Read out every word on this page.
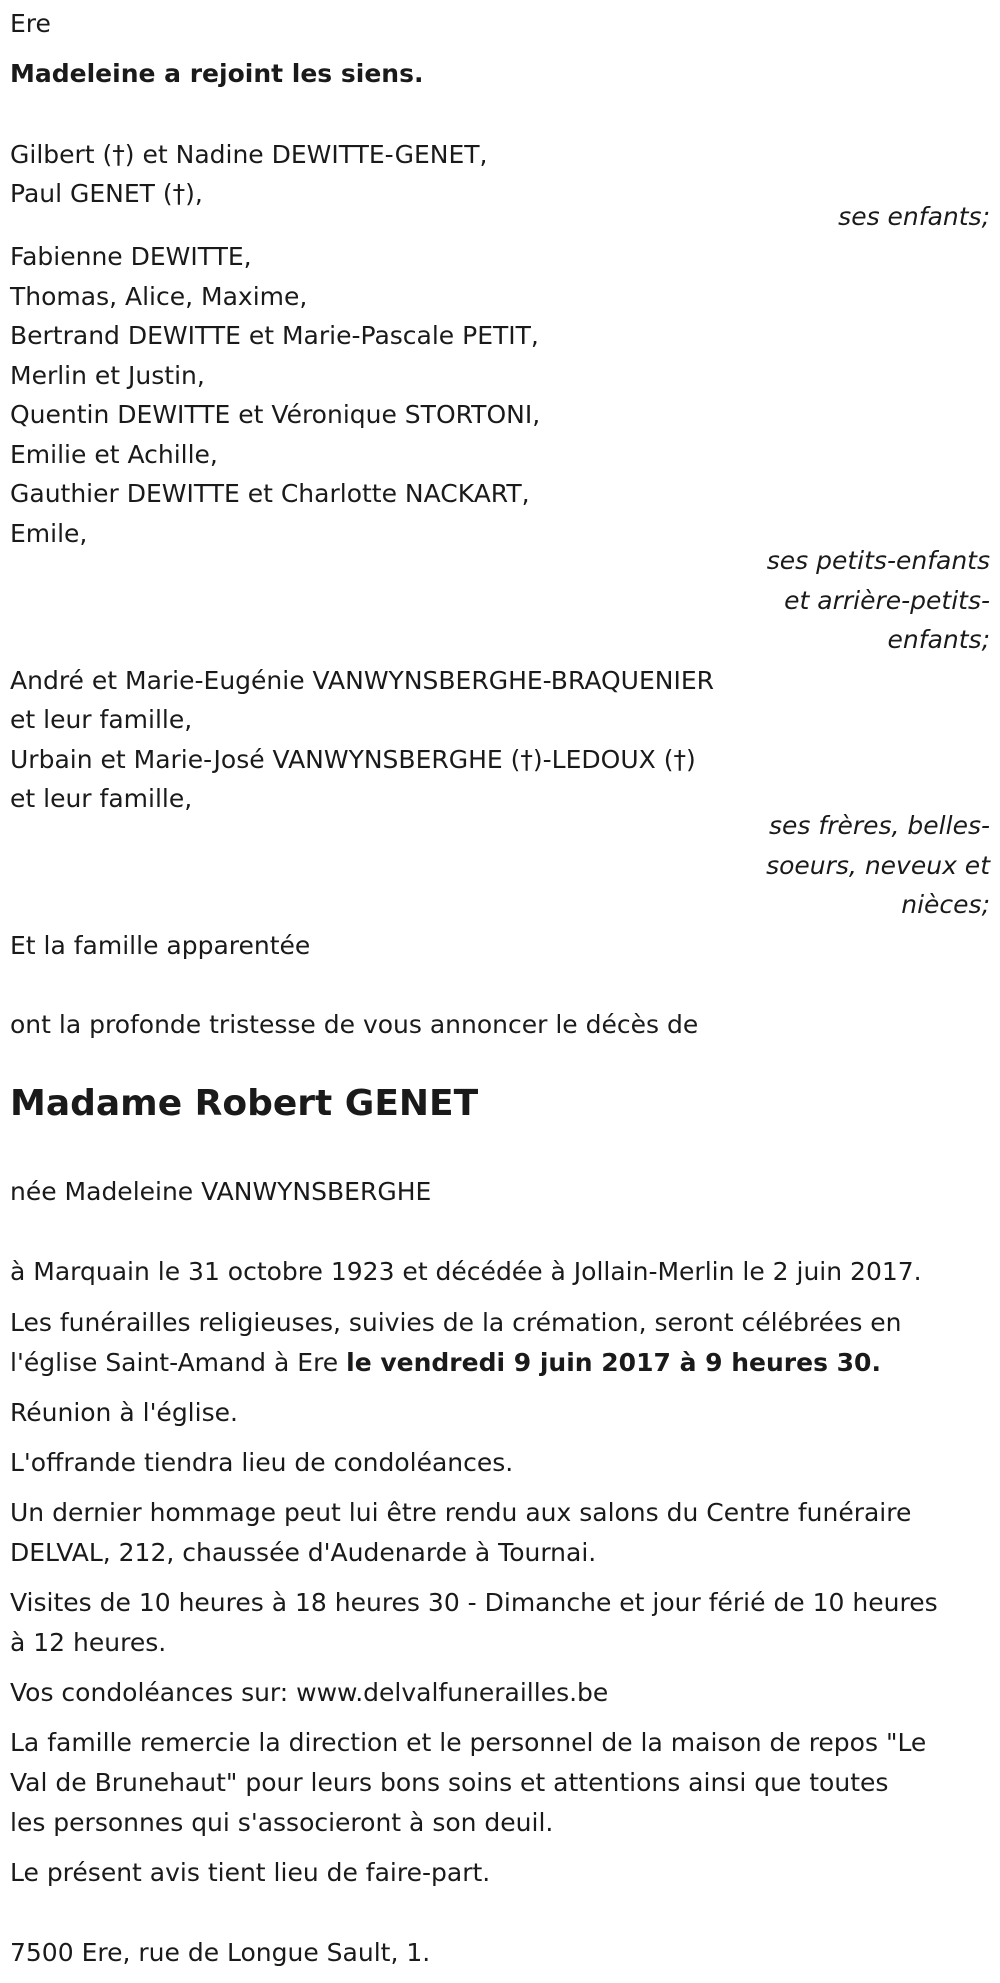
Ere
Madeleine a rejoint les siens.
Gilbert (†) et Nadine DEWITTE-GENET,
Paul GENET (†),
ses enfants;
Fabienne DEWITTE,
Thomas, Alice, Maxime,
Bertrand DEWITTE et Marie-Pascale PETIT,
Merlin et Justin,
Quentin DEWITTE et Véronique STORTONI,
Emilie et Achille,
Gauthier DEWITTE et Charlotte NACKART,
Emile,
ses petits-enfants
et arrière-petits-
enfants;
André et Marie-Eugénie VANWYNSBERGHE-BRAQUENIER
et leur famille,
Urbain et Marie-José VANWYNSBERGHE (†)-LEDOUX (†)
et leur famille,
ses frères, belles-
soeurs, neveux et
nièces;
Et la famille apparentée
ont la profonde tristesse de vous annoncer le décès de
Madame Robert GENET
née Madeleine VANWYNSBERGHE
à Marquain le 31 octobre 1923 et décédée à Jollain-Merlin le 2 juin 2017.
Les funérailles religieuses, suivies de la crémation, seront célébrées en
l'église Saint-Amand à Ere le vendredi 9 juin 2017 à 9 heures 30.
Réunion à l'église.
L'offrande tiendra lieu de condoléances.
Un dernier hommage peut lui être rendu aux salons du Centre funéraire
DELVAL, 212, chaussée d'Audenarde à Tournai.
Visites de 10 heures à 18 heures 30 - Dimanche et jour férié de 10 heures
à 12 heures.
Vos condoléances sur: www.delvalfunerailles.be
La famille remercie la direction et le personnel de la maison de repos "Le
Val de Brunehaut" pour leurs bons soins et attentions ainsi que toutes
les personnes qui s'associeront à son deuil.
Le présent avis tient lieu de faire-part.
7500 Ere, rue de Longue Sault, 1.
